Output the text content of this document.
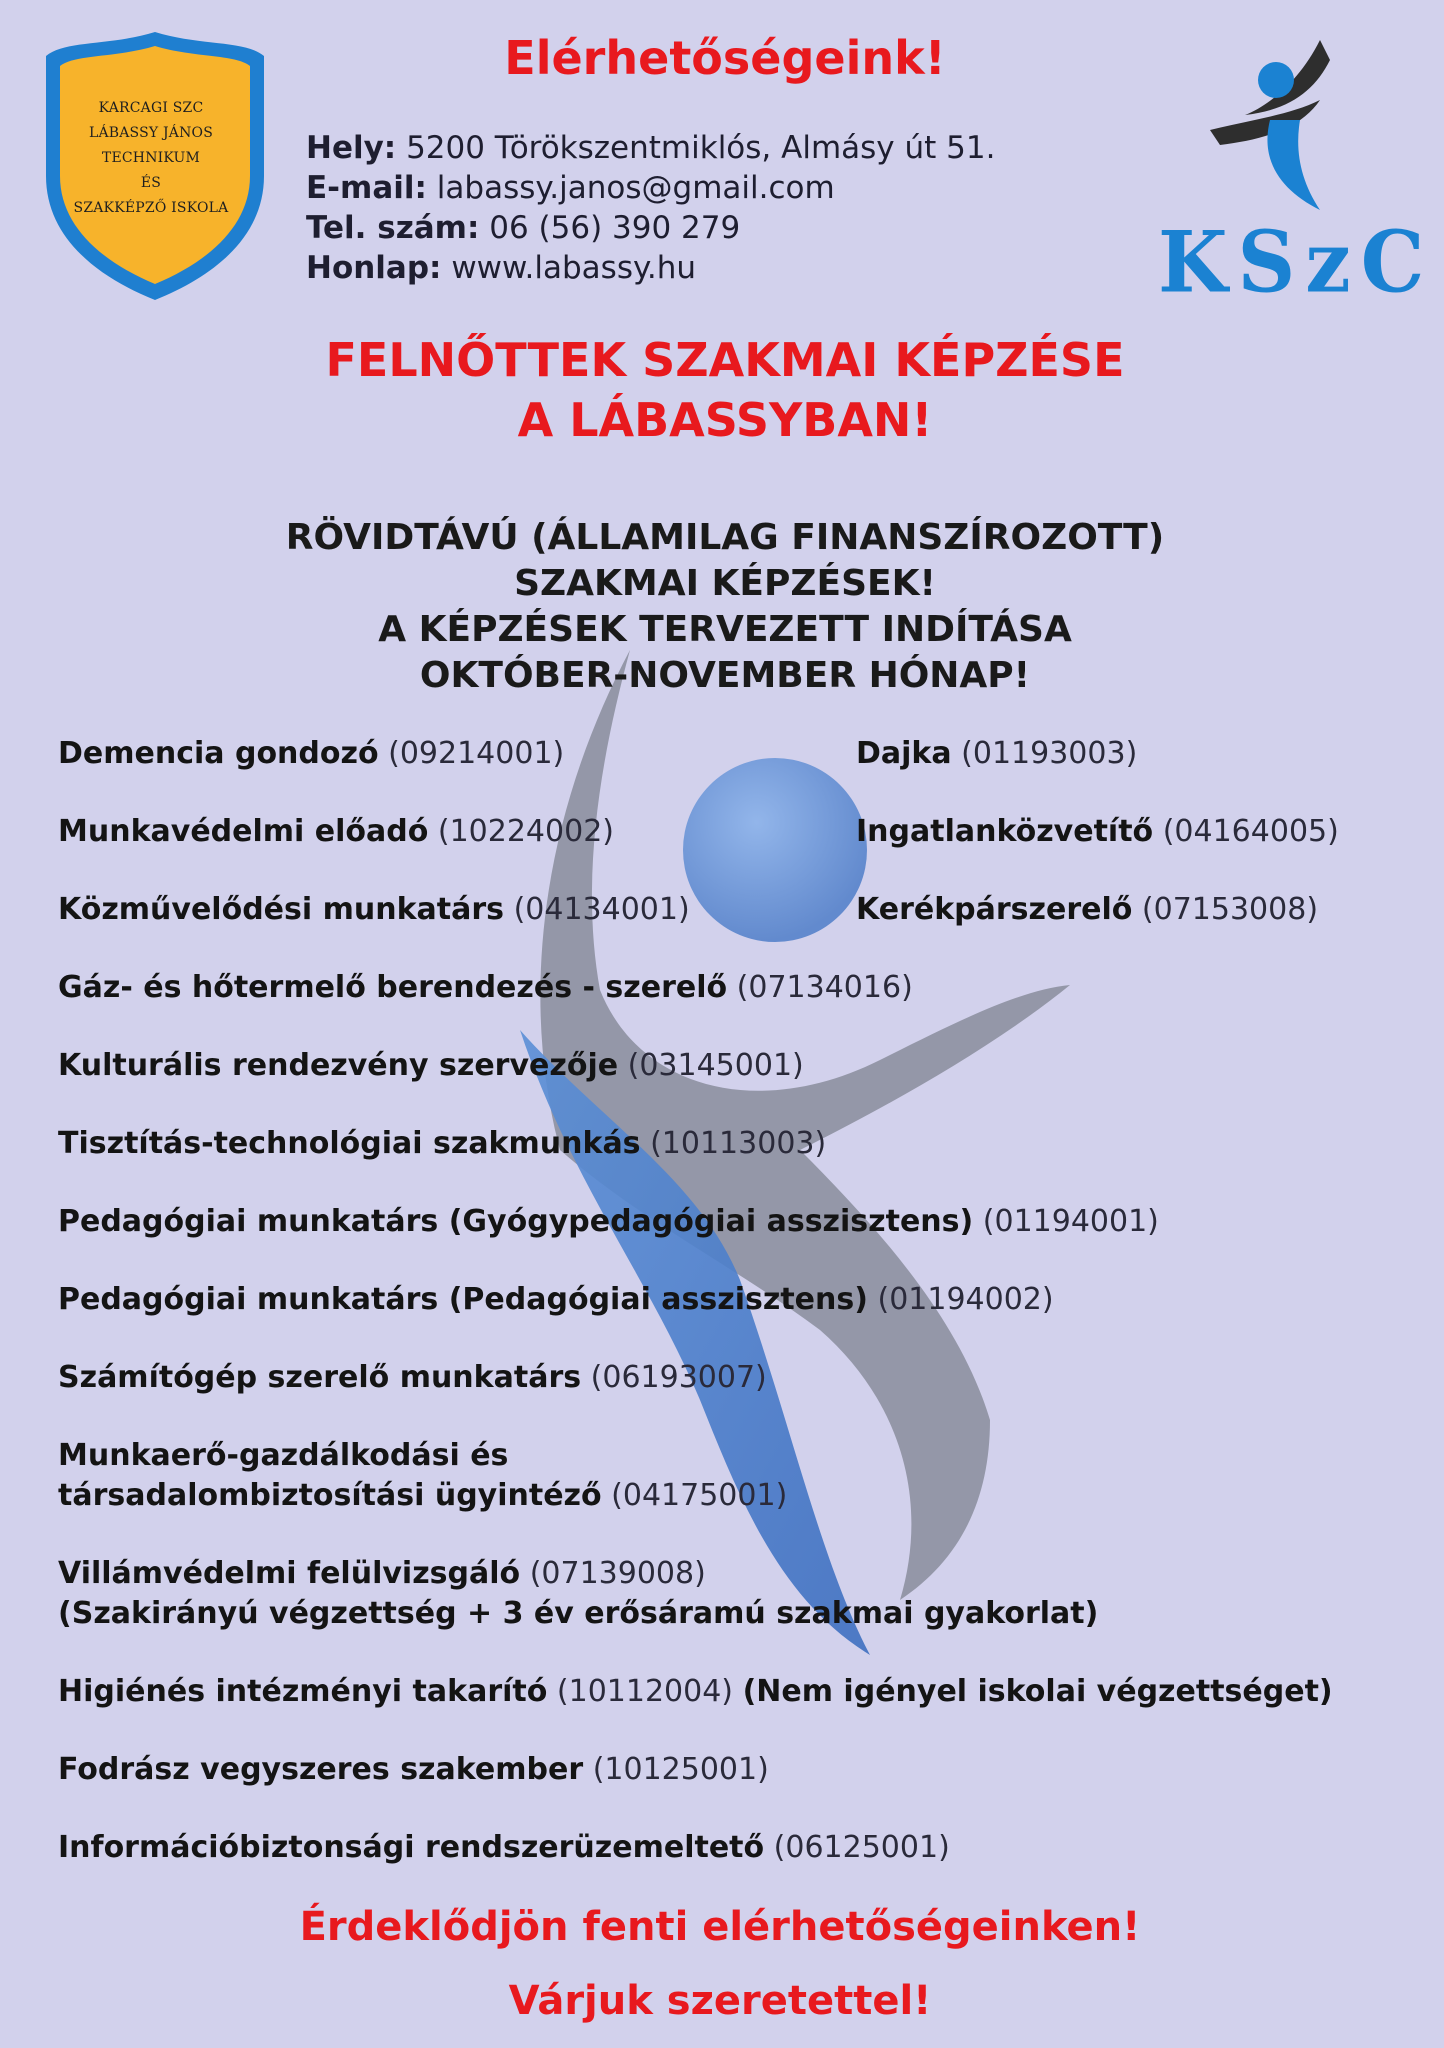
KARCAGI SZC
LÁBASSY JÁNOS
TECHNIKUM
ÉS
SZAKKÉPZŐ ISKOLA
KSzC
Elérhetőségeink!
Hely: 5200 Törökszentmiklós, Almásy út 51.
E-mail: labassy.janos@gmail.com
Tel. szám: 06 (56) 390 279
Honlap: www.labassy.hu
FELNŐTTEK SZAKMAI KÉPZÉSE
A LÁBASSYBAN!
RÖVIDTÁVÚ (ÁLLAMILAG FINANSZÍROZOTT)
SZAKMAI KÉPZÉSEK!
A KÉPZÉSEK TERVEZETT INDÍTÁSA
OKTÓBER-NOVEMBER HÓNAP!
Demencia gondozó (09214001)	Dajka (01193003)
Munkavédelmi előadó (10224002)	Ingatlanközvetítő (04164005)
Közművelődési munkatárs (04134001)	Kerékpárszerelő (07153008)
Gáz- és hőtermelő berendezés - szerelő (07134016)
Kulturális rendezvény szervezője (03145001)
Tisztítás-technológiai szakmunkás (10113003)
Pedagógiai munkatárs (Gyógypedagógiai asszisztens) (01194001)
Pedagógiai munkatárs (Pedagógiai asszisztens) (01194002)
Számítógép szerelő munkatárs (06193007)
Munkaerő-gazdálkodási és
társadalombiztosítási ügyintéző (04175001)
Villámvédelmi felülvizsgáló (07139008)
(Szakirányú végzettség + 3 év erősáramú szakmai gyakorlat)
Higiénés intézményi takarító (10112004) (Nem igényel iskolai végzettséget)
Fodrász vegyszeres szakember (10125001)
Információbiztonsági rendszerüzemeltető (06125001)
Érdeklődjön fenti elérhetőségeinken!
Várjuk szeretettel!
